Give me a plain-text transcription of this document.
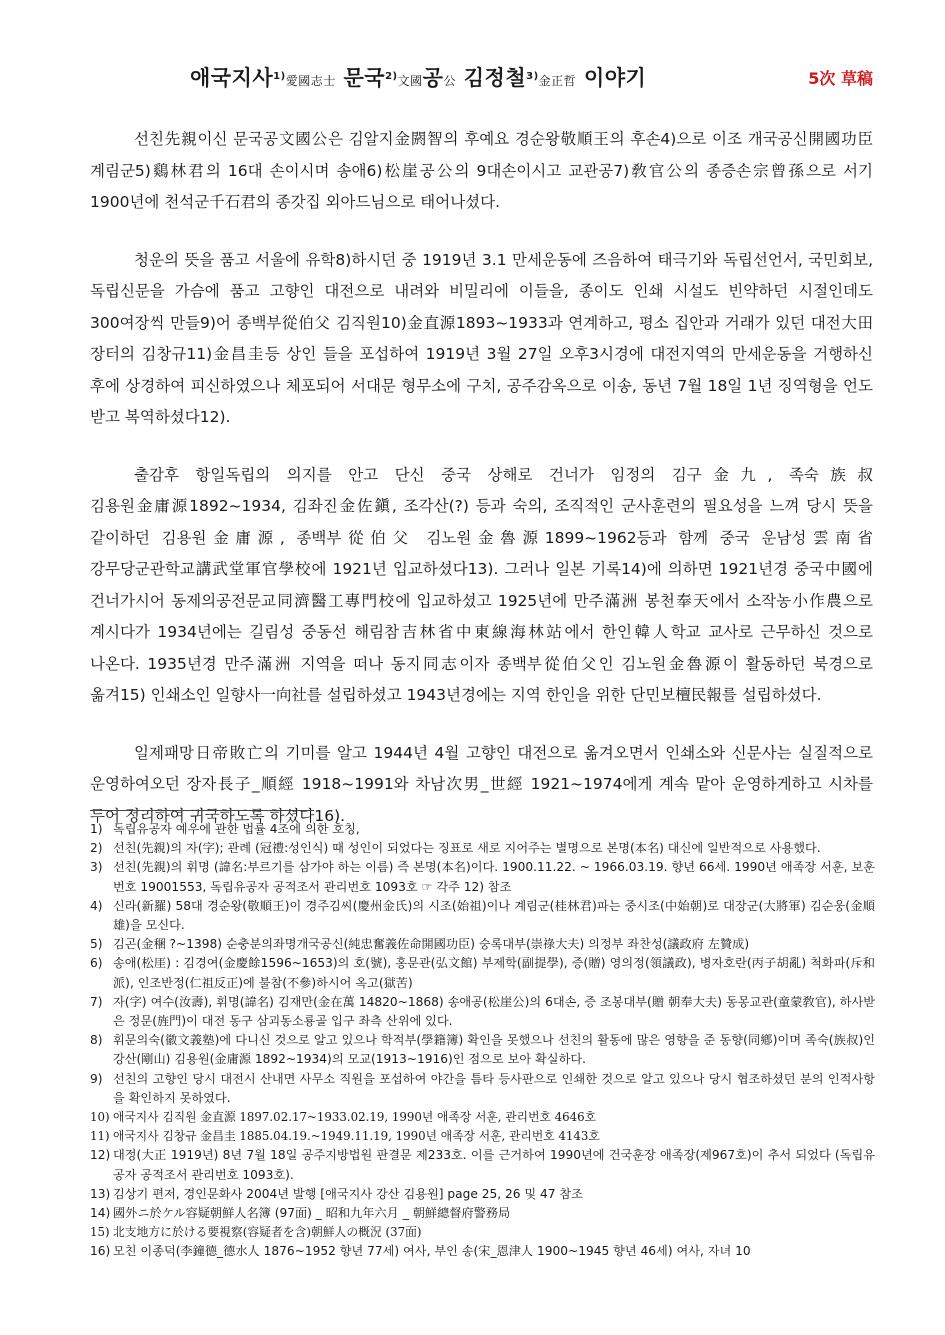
애국지사$^{1)}$愛國志士 문국$^{2)}$文國공公 김정철$^{3)}$金正哲 이야기	5次 草稿

선친先親이신 문국공文國公은 김알지金閼智의 후예요 경순왕敬順王의 후손4)으로 이조 개국공신開國功臣 계림군5)鷄林君의 16대 손이시며 송애6)松崖공公의 9대손이시고 교관공7)敎官公의 종증손宗曾孫으로 서기 1900년에 천석군千石君의 종갓집 외아드님으로 태어나셨다.

청운의 뜻을 품고 서울에 유학8)하시던 중 1919년 3.1 만세운동에 즈음하여 태극기와 독립선언서, 국민회보, 독립신문을 가슴에 품고 고향인 대전으로 내려와 비밀리에 이들을, 종이도 인쇄 시설도 빈약하던 시절인데도 300여장씩 만들9)어 종백부從伯父 김직원10)金直源1893~1933과 연계하고, 평소 집안과 거래가 있던 대전大田 장터의 김창규11)金昌圭등 상인 들을 포섭하여 1919년 3월 27일 오후3시경에 대전지역의 만세운동을 거행하신 후에 상경하여 피신하였으나 체포되어 서대문 형무소에 구치, 공주감옥으로 이송, 동년 7월 18일 1년 징역형을 언도 받고 복역하셨다12).

출감후 항일독립의 의지를 안고 단신 중국 상해로 건너가 임정의 김구金九, 족숙族叔 김용원金庸源1892~1934, 김좌진金佐鎭, 조각산(?) 등과 숙의, 조직적인 군사훈련의 필요성을 느껴 당시 뜻을 같이하던 김용원金庸源, 종백부從伯父 김노원金魯源1899~1962등과 함께 중국 운남성雲南省 강무당군관학교講武堂軍官學校에 1921년 입교하셨다13). 그러나 일본 기록14)에 의하면 1921년경 중국中國에 건너가시어 동제의공전문교同濟醫工專門校에 입교하셨고 1925년에 만주滿洲 봉천奉天에서 소작농小作農으로 계시다가 1934년에는 길림성 중동선 해림참吉林省中東線海林站에서 한인韓人학교 교사로 근무하신 것으로 나온다. 1935년경 만주滿洲 지역을 떠나 동지同志이자 종백부從伯父인 김노원金魯源이 활동하던 북경으로 옮겨15) 인쇄소인 일향사一向社를 설립하셨고 1943년경에는 지역 한인을 위한 단민보檀民報를 설립하셨다.

일제패망日帝敗亡의 기미를 알고 1944년 4월 고향인 대전으로 옮겨오면서 인쇄소와 신문사는 실질적으로 운영하여오던 장자長子_順經 1918~1991와 차남次男_世經 1921~1974에게 계속 맡아 운영하게하고 시차를 두어 정리하여 귀국하도록 하셨다16).

1) 독립유공자 예우에 관한 법률 4조에 의한 호칭,
2) 선친(先親)의 자(字); 관례 (冠禮:성인식) 때 성인이 되었다는 징표로 새로 지어주는 별명으로 본명(本名) 대신에 일반적으로 사용했다.
3) 선친(先親)의 휘명 (諱名:부르기를 삼가야 하는 이름) 즉 본명(本名)이다. 1900.11.22. ~ 1966.03.19. 향년 66세. 1990년 애족장 서훈, 보훈번호 19001553, 독립유공자 공적조서 관리번호 1093호 ☞ 각주 12) 참조
4) 신라(新羅) 58대 경순왕(敬順王)이 경주김씨(慶州金氏)의 시조(始祖)이나 계림군(桂林君)파는 중시조(中始朝)로 대장군(大將軍) 김순웅(金順雄)을 모신다.
5) 김곤(金稛 ?~1398) 순충분의좌명개국공신(純忠奮義佐命開國功臣) 숭록대부(崇祿大夫) 의정부 좌찬성(議政府 左贊成)
6) 송애(松厓) : 김경여(金慶餘1596~1653)의 호(號), 홍문관(弘文館) 부제학(副提學), 증(贈) 영의정(領議政), 병자호란(丙子胡亂) 척화파(斥和派), 인조반정(仁祖反正)에 불참(不參)하시어 옥고(獄苦)
7) 자(字) 여수(汝壽), 휘명(諱名) 김재만(金在萬 14820~1868) 송애공(松崖公)의 6대손, 증 조봉대부(贈 朝奉大夫) 동몽교관(童蒙敎官), 하사받은 정문(旌門)이 대전 동구 삼괴동소룡골 입구 좌측 산위에 있다.
8) 휘문의숙(徽文義塾)에 다니신 것으로 알고 있으나 학적부(學籍簿) 확인을 못했으나 선친의 활동에 많은 영향을 준 동향(同鄕)이며 족숙(族叔)인 강산(剛山) 김용원(金庸源 1892~1934)의 모교(1913~1916)인 점으로 보아 확실하다.
9) 선친의 고향인 당시 대전시 산내면 사무소 직원을 포섭하여 야간을 틈타 등사판으로 인쇄한 것으로 알고 있으나 당시 협조하셨던 분의 인적사항을 확인하지 못하였다.
10) 애국지사 김직원 金直源 1897.02.17~1933.02.19, 1990년 애족장 서훈, 관리번호 4646호
11) 애국지사 김창규 金昌圭 1885.04.19.~1949.11.19, 1990년 애족장 서훈, 관리번호 4143호
12) 대정(大正 1919년) 8년 7월 18일 공주지방법원 판결문 제233호. 이를 근거하여 1990년에 건국훈장 애족장(제967호)이 추서 되었다 (독립유공자 공적조서 관리번호 1093호).
13) 김상기 편저, 경인문화사 2004년 발행 [애국지사 강산 김용원] page 25, 26 및 47 참조
14) 國外ニ於ケル容疑朝鮮人名簿 (97面) _ 昭和九年六月 _ 朝鮮總督府警務局
15) 北支地方に於ける要視察(容疑者を含)朝鮮人の概況 (37面)
16) 모친 이종덕(李鐘德_德水人 1876~1952 향년 77세) 여사, 부인 송(宋_恩津人 1900~1945 향년 46세) 여사, 자녀 10
